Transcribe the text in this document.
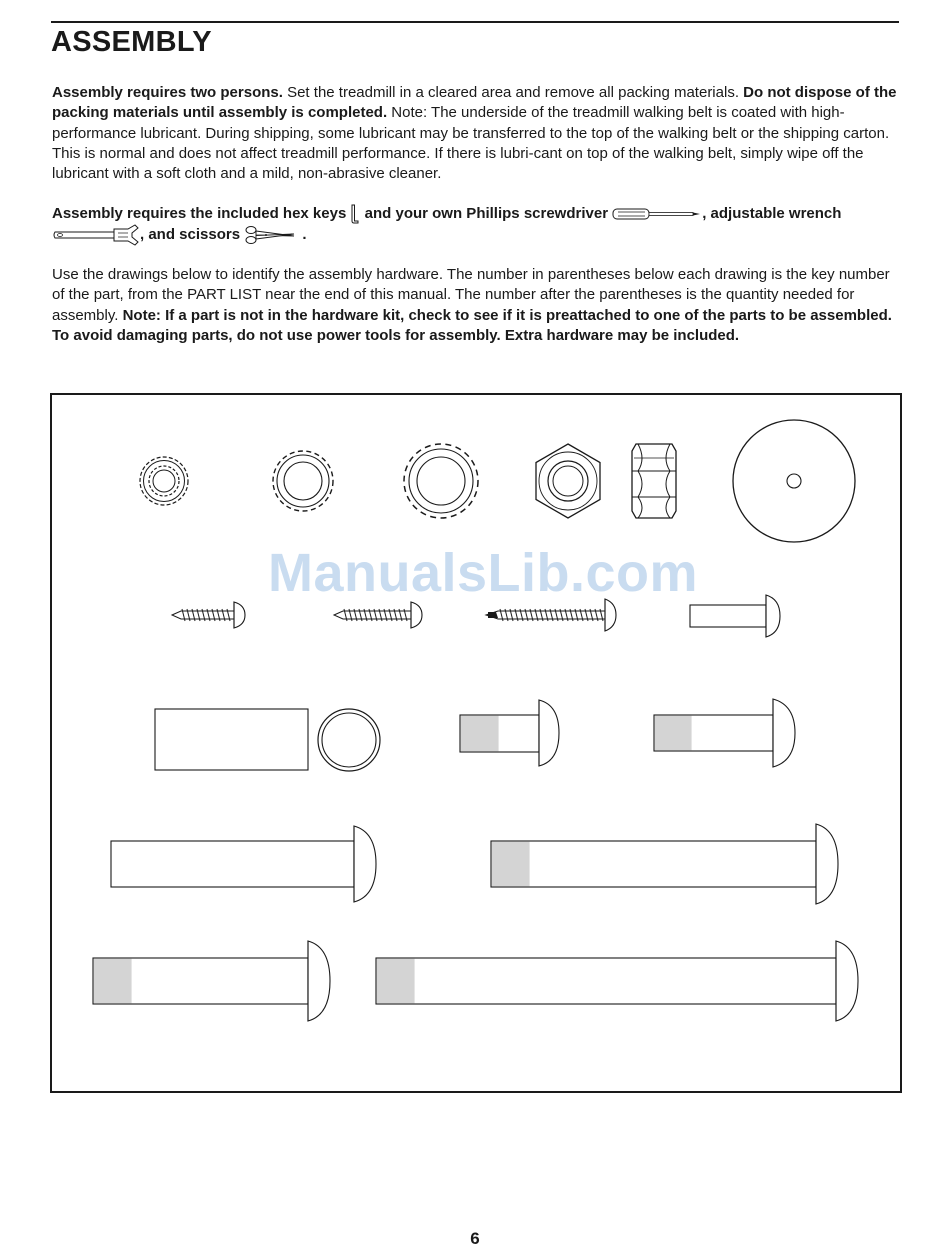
ASSEMBLY

Assembly requires two persons. Set the treadmill in a cleared area and remove all packing materials. Do not dispose of the packing materials until assembly is completed. Note: The underside of the treadmill walking belt is coated with high-performance lubricant. During shipping, some lubricant may be transferred to the top of the walking belt or the shipping carton. This is normal and does not affect treadmill performance. If there is lubri-cant on top of the walking belt, simply wipe off the lubricant with a soft cloth and a mild, non-abrasive cleaner.

Assembly requires the included hex keys and your own Phillips screwdriver	, adjustable wrench , and scissors	.

Use the drawings below to identify the assembly hardware. The number in parentheses below each drawing is the key number of the part, from the PART LIST near the end of this manual. The number after the parentheses is the quantity needed for assembly. Note: If a part is not in the hardware kit, check to see if it is preattached to one of the parts to be assembled. To avoid damaging parts, do not use power tools for assembly. Extra hardware may be included.

ManualsLib.com
6
